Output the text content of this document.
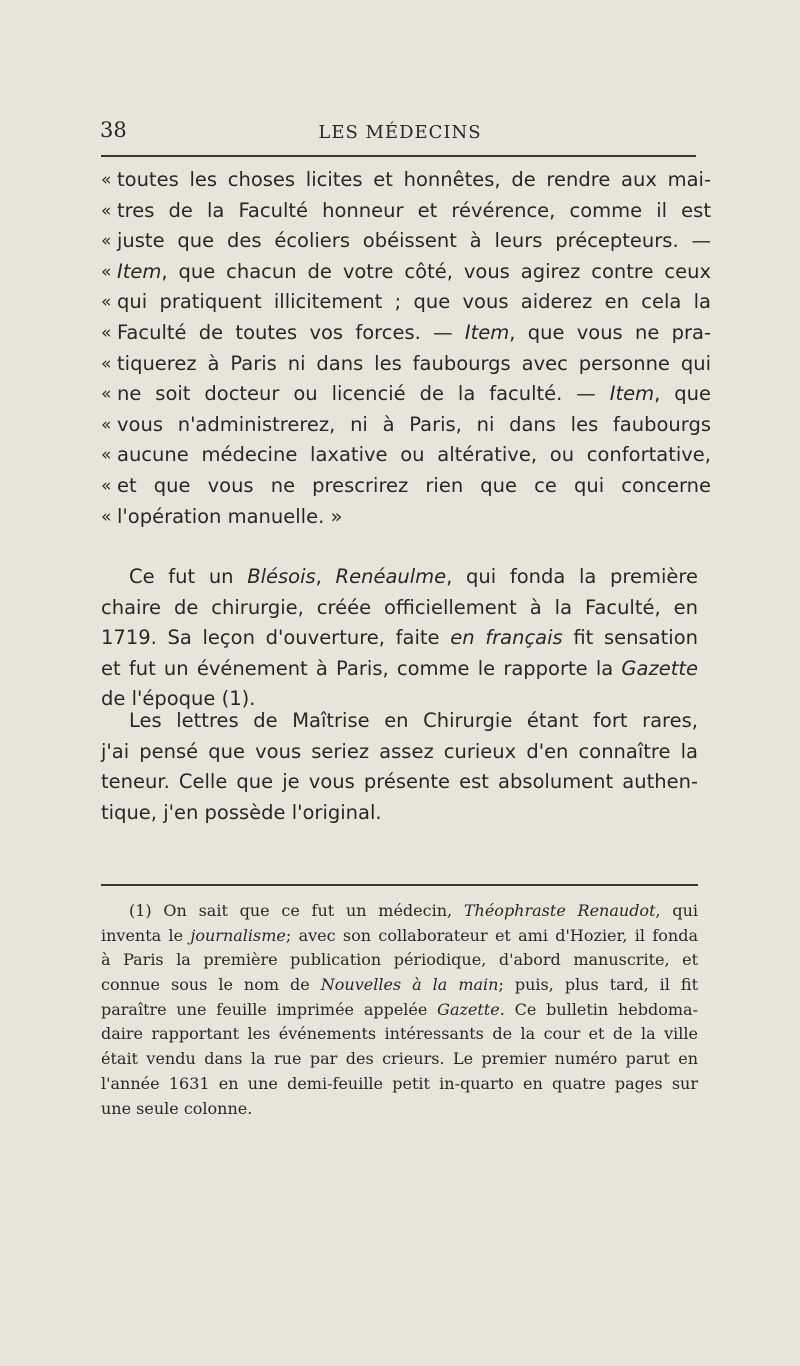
38	LES MÉDECINS
« toutes les choses licites et honnêtes, de rendre aux mai-
« tres de la Faculté honneur et révérence, comme il est
« juste que des écoliers obéissent à leurs précepteurs. —
« Item, que chacun de votre côté, vous agirez contre ceux
« qui pratiquent illicitement ; que vous aiderez en cela la
« Faculté de toutes vos forces. — Item, que vous ne pra-
« tiquerez à Paris ni dans les faubourgs avec personne qui
« ne soit docteur ou licencié de la faculté. — Item, que
« vous n'administrerez, ni à Paris, ni dans les faubourgs
« aucune médecine laxative ou altérative, ou confortative,
« et que vous ne prescrirez rien que ce qui concerne
« l'opération manuelle. »
Ce fut un Blésois, Renéaulme, qui fonda la première
chaire de chirurgie, créée officiellement à la Faculté, en
1719. Sa leçon d'ouverture, faite en français fit sensation
et fut un événement à Paris, comme le rapporte la Gazette
de l'époque (1).
Les lettres de Maîtrise en Chirurgie étant fort rares,
j'ai pensé que vous seriez assez curieux d'en connaître la
teneur. Celle que je vous présente est absolument authen-
tique, j'en possède l'original.
(1) On sait que ce fut un médecin, Théophraste Renaudot, qui
inventa le journalisme; avec son collaborateur et ami d'Hozier, il fonda
à Paris la première publication périodique, d'abord manuscrite, et
connue sous le nom de Nouvelles à la main; puis, plus tard, il fit
paraître une feuille imprimée appelée Gazette. Ce bulletin hebdoma-
daire rapportant les événements intéressants de la cour et de la ville
était vendu dans la rue par des crieurs. Le premier numéro parut en
l'année 1631 en une demi-feuille petit in-quarto en quatre pages sur
une seule colonne.
